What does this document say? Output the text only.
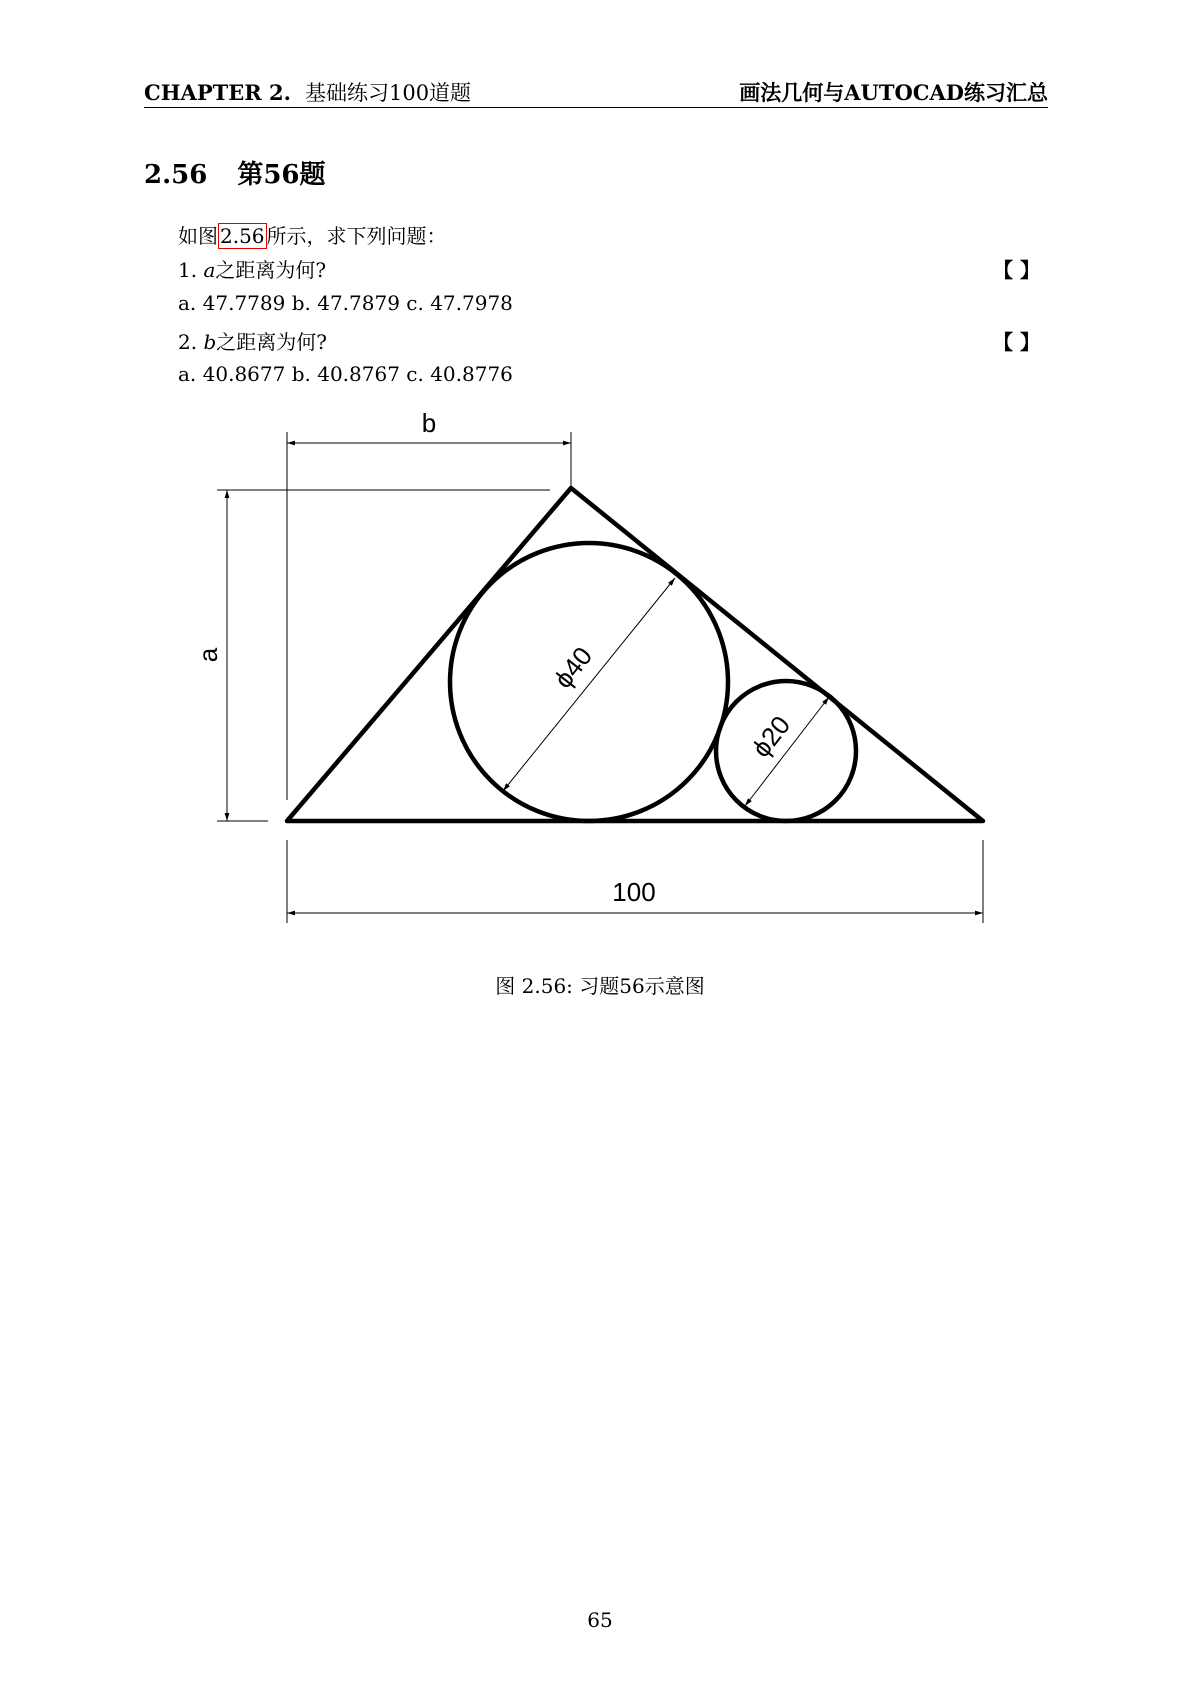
CHAPTER 2. 基础练习100道题	画法几何与AUTOCAD练习汇总
2.56 第56题
如图 2.56 所示，求下列问题：
1. a之距离为何?	【 】
a. 47.7789 b. 47.7879 c. 47.7978
2. b之距离为何?	【 】
a. 40.8677 b. 40.8767 c. 40.8776
b
a
100
ϕ40
ϕ20
图 2.56: 习题56示意图
65
